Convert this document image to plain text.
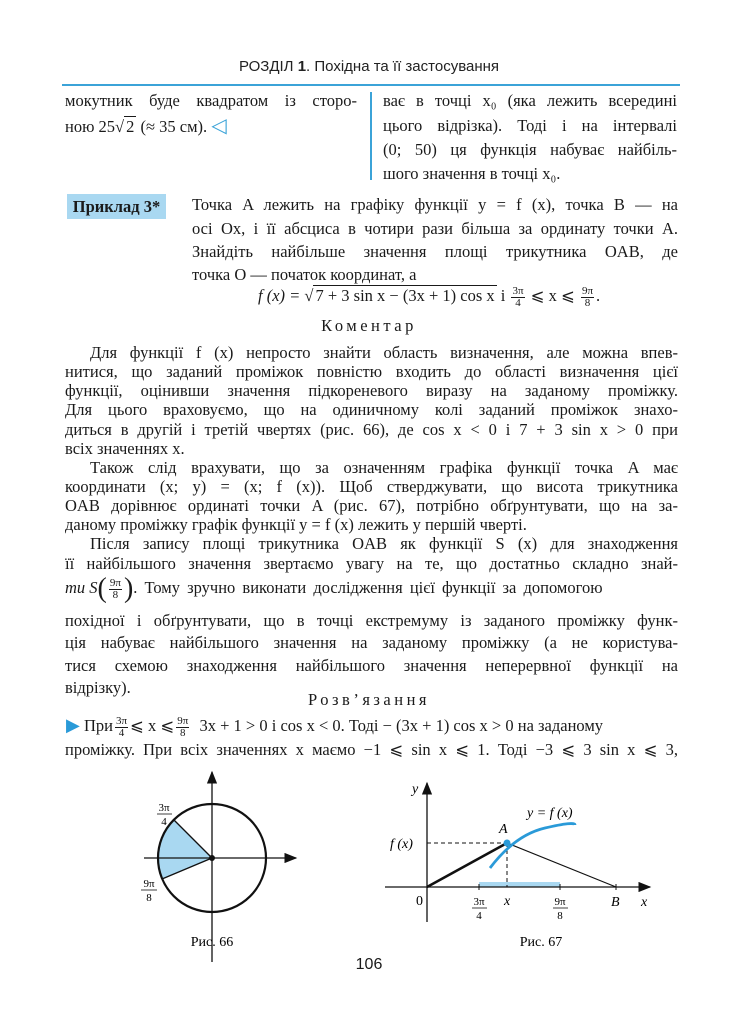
РОЗДІЛ 1. Похідна та її застосування
мокутник буде квадратом із сторо-
ною 25√ 2 (≈ 35 см). ◁
ває в точці x₀ (яка лежить всередині
цього відрізка). Тоді і на інтервалі
(0; 50) ця функція набуває найбіль-
шого значення в точці x₀.
Приклад 3*	Точка A лежить на графіку функції y = f (x), точка B — на
осі Ox, і її абсциса в чотири рази більша за ординату точки A.
Знайдіть найбільше значення площі трикутника OAB, де
точка O — початок координат, а
f (x) = √ 7 + 3 sin x − (3x + 1) cos x і $\frac{3\pi}{4}$ ⩽ x ⩽ $\frac{9\pi}{8}$ .
Коментар
Для функції f (x) непросто знайти область визначення, але можна впев-
нитися, що заданий проміжок повністю входить до області визначення цієї
функції, оцінивши значення підкореневого виразу на заданому проміжку.
Для цього враховуємо, що на одиничному колі заданий проміжок знахо-
диться в другій і третій чвертях (рис. 66), де cos x < 0 і 7 + 3 sin x > 0 при
всіх значеннях x.
Також слід врахувати, що за означенням графіка функції точка A має
координати (x; y) = (x; f (x)). Щоб стверджувати, що висота трикутника
OAB дорівнює ординаті точки A (рис. 67), потрібно обґрунтувати, що на за-
даному проміжку графік функції y = f (x) лежить у першій чверті.
Після запису площі трикутника OAB як функції S (x) для знаходження
її найбільшого значення звертаємо увагу на те, що достатньо складно знай-
ти $S( \frac{9\pi}{8}$ ). Тому зручно виконати дослідження цієї функції за допомогою
похідної і обґрунтувати, що в точці екстремуму із заданого проміжку функ-
ція набуває найбільшого значення на заданому проміжку (а не користува-
тися схемою знаходження найбільшого значення неперервної функції на
відрізку).
Розв’язання
▶ При $\frac{3\pi}{4}$ ⩽ x ⩽ $\frac{9\pi}{8} 3x + 1 > 0$ і cos x < 0. Тоді − (3x + 1) cos x > 0 на заданому
проміжку. При всіх значеннях x маємо −1 ⩽ sin x ⩽ 1. Тоді −3 ⩽ 3 sin x ⩽ 3,
3π
4
9π
8
Рис. 66
y
x
0
A
B
f (x)
y = f (x)
x
3π
4
9π
8
Рис. 67
106
